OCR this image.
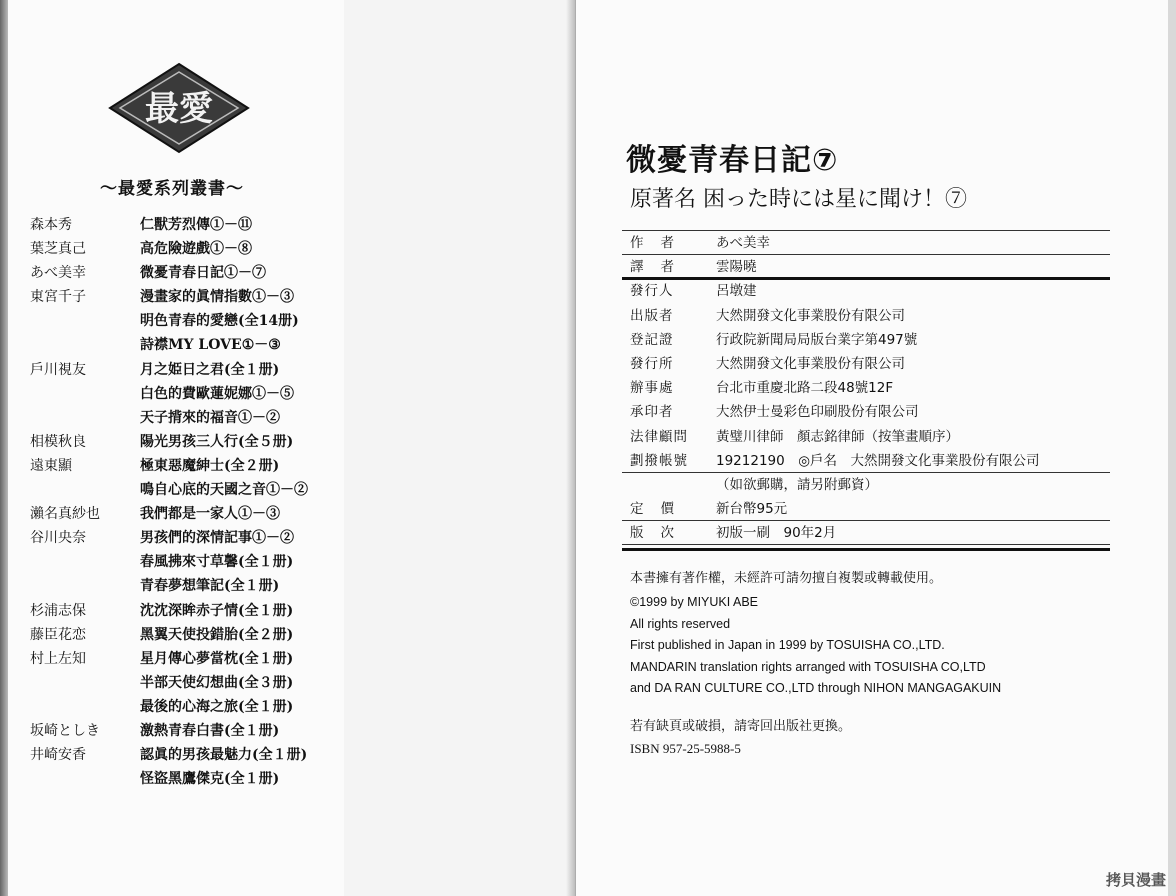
最愛
～最愛系列叢書～
森本秀	仁獸芳烈傳①－⑪
葉芝真己	高危險遊戲①－⑧
あべ美幸	微憂青春日記①－⑦
東宮千子	漫畫家的眞情指數①－③
明色青春的愛戀(全14册)
詩襟MY LOVE①－③
戶川視友	月之姫日之君(全１册)
白色的費歐蓮妮娜①－⑤
天子揹來的福音①－②
相模秋良	陽光男孩三人行(全５册)
遠東顯	極東惡魔紳士(全２册)
鳴自心底的天國之音①－②
瀨名真紗也	我們都是一家人①－③
谷川央奈	男孩們的深情記事①－②
春風拂來寸草馨(全１册)
青春夢想筆記(全１册)
杉浦志保	沈沈深眸赤子情(全１册)
藤臣花恋	黑翼天使投錯胎(全２册)
村上左知	星月傳心夢當枕(全１册)
半部天使幻想曲(全３册)
最後的心海之旅(全１册)
坂崎としき	激熱青春白書(全１册)
井崎安香	認眞的男孩最魅力(全１册)
怪盜黑鷹傑克(全１册)
微憂青春日記⑦
原著名 困った時には星に聞け！⑦
作者	あべ美幸
譯者	雲陽曉
發行人	呂墩建
出版者	大然開發文化事業股份有限公司
登記證	行政院新聞局局版台業字第497號
發行所	大然開發文化事業股份有限公司
辦事處	台北市重慶北路二段48號12F
承印者	大然伊士曼彩色印刷股份有限公司
法律顧問	黃璧川律師　顏志銘律師（按筆畫順序）
劃撥帳號	19212190　◎戶名　大然開發文化事業股份有限公司
（如欲郵購，請另附郵資）
定價	新台幣95元
版次	初版一刷　90年2月
本書擁有著作權，未經許可請勿擅自複製或轉載使用。
©1999 by MIYUKI ABE
All rights reserved
First published in Japan in 1999 by TOSUISHA CO.,LTD.
MANDARIN translation rights arranged with TOSUISHA CO,LTD
and DA RAN CULTURE CO.,LTD through NIHON MANGAGAKUIN
若有缺頁或破損，請寄回出版社更換。
ISBN 957-25-5988-5
拷貝漫畫
